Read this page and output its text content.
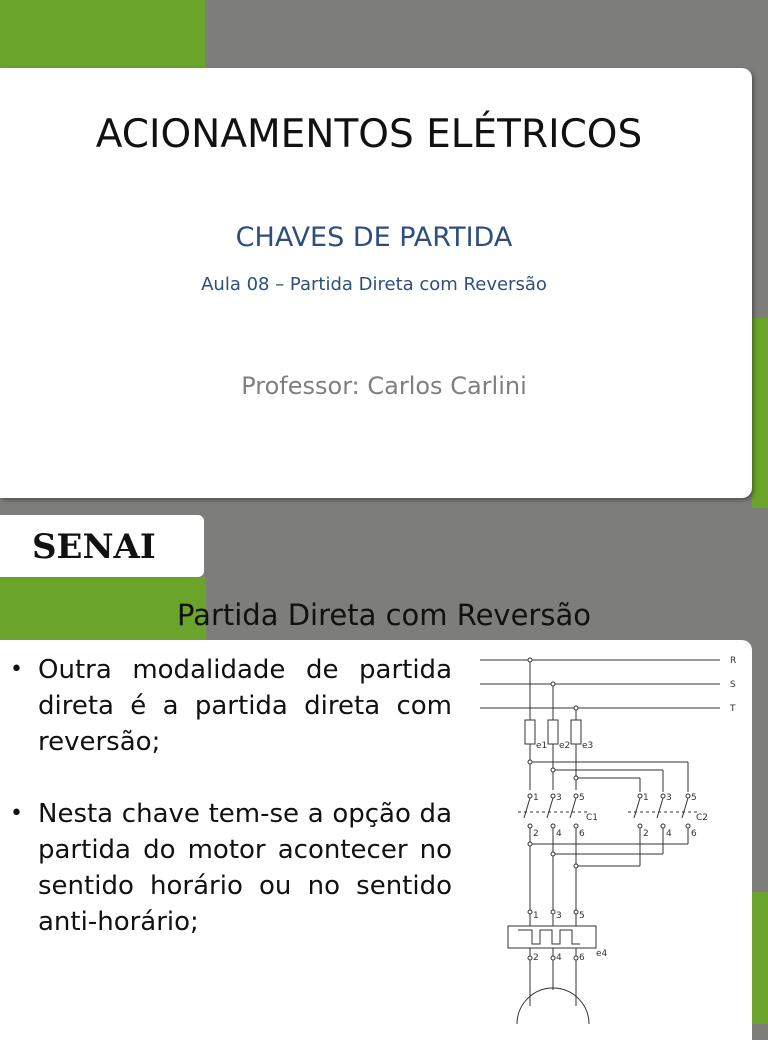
ACIONAMENTOS ELÉTRICOS
CHAVES DE PARTIDA
Aula 08 – Partida Direta com Reversão
Professor: Carlos Carlini
SENAI
Partida Direta com Reversão
• Outra modalidade de partida direta é a partida direta com reversão;
• Nesta chave tem-se a opção da partida do motor acontecer no sentido horário ou no sentido anti-horário;
R
S
T
e1 e2 e3
1 3 5
2 4 6
C1
1 3 5
2 4 6
C2
1 3 5
2 4 6 e4
